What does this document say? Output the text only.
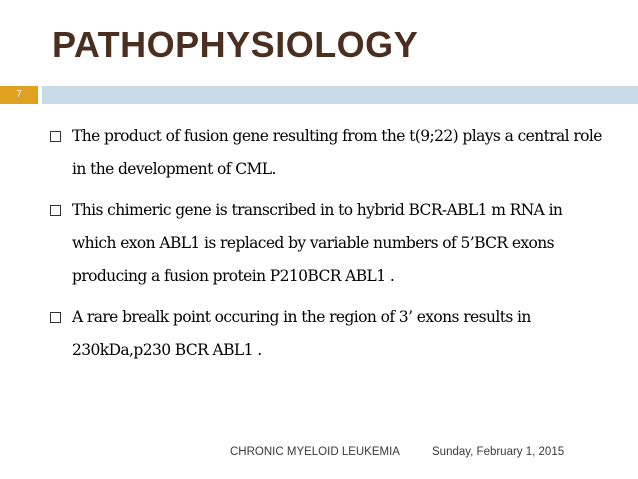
PATHOPHYSIOLOGY
7
The product of fusion gene resulting from the t(9;22) plays a central role in the development of CML.
This chimeric gene is transcribed in to hybrid BCR-ABL1 m RNA in which exon ABL1 is replaced by variable numbers of 5’BCR exons producing a fusion protein P210BCR ABL1 .
A rare brealk point occuring in the region of 3’ exons results in 230kDa,p230 BCR ABL1 .
CHRONIC MYELOID LEUKEMIA	Sunday, February 1, 2015
